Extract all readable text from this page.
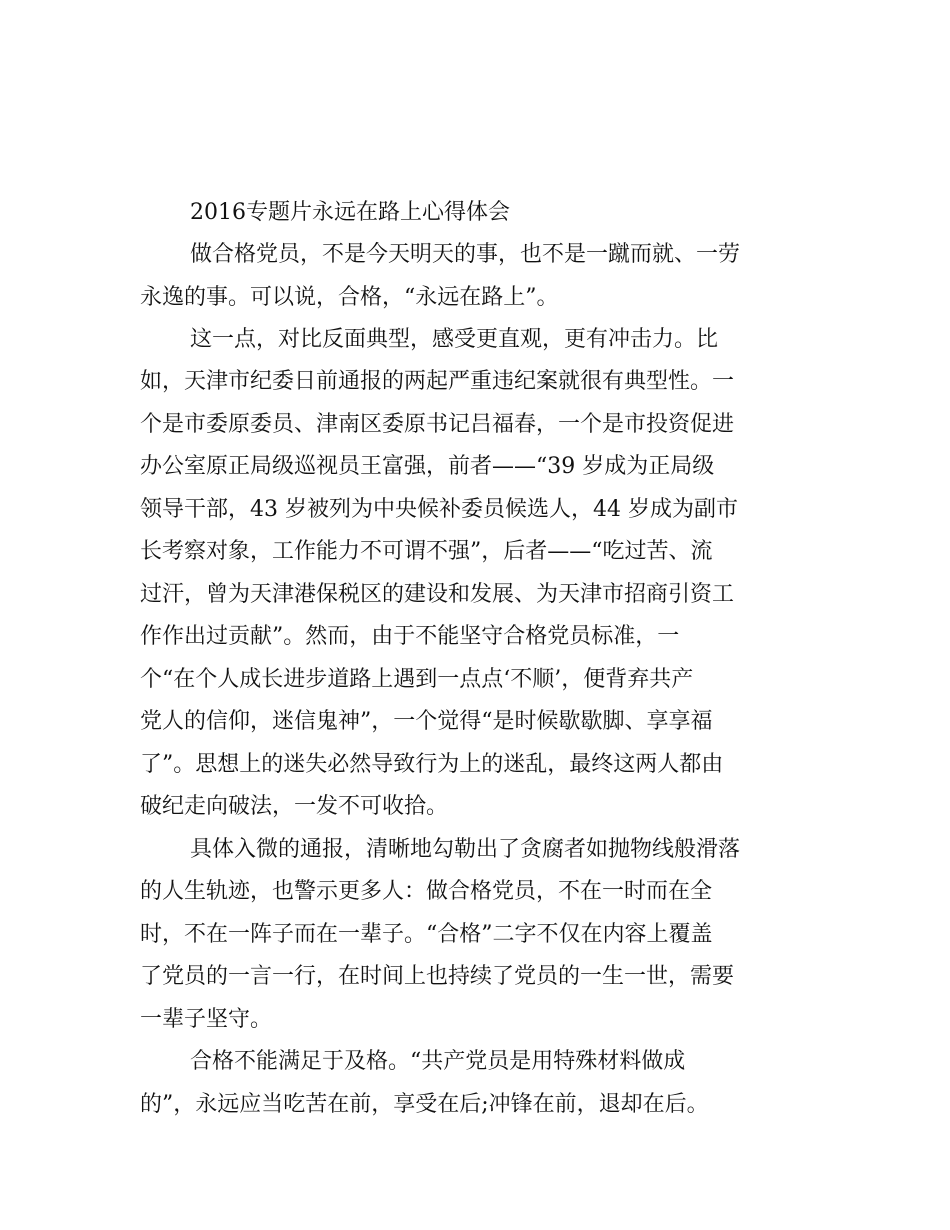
2016专题片永远在路上心得体会
做合格党员，不是今天明天的事，也不是一蹴而就、一劳
永逸的事。可以说，合格，“永远在路上”。
这一点，对比反面典型，感受更直观，更有冲击力。比
如，天津市纪委日前通报的两起严重违纪案就很有典型性。一
个是市委原委员、津南区委原书记吕福春，一个是市投资促进
办公室原正局级巡视员王富强，前者——“39 岁成为正局级
领导干部，43 岁被列为中央候补委员候选人，44 岁成为副市
长考察对象，工作能力不可谓不强”，后者——“吃过苦、流
过汗，曾为天津港保税区的建设和发展、为天津市招商引资工
作作出过贡献”。然而，由于不能坚守合格党员标准，一
个“在个人成长进步道路上遇到一点点‘不顺’，便背弃共产
党人的信仰，迷信鬼神”，一个觉得“是时候歇歇脚、享享福
了”。思想上的迷失必然导致行为上的迷乱，最终这两人都由
破纪走向破法，一发不可收拾。
具体入微的通报，清晰地勾勒出了贪腐者如抛物线般滑落
的人生轨迹，也警示更多人：做合格党员，不在一时而在全
时，不在一阵子而在一辈子。“合格”二字不仅在内容上覆盖
了党员的一言一行，在时间上也持续了党员的一生一世，需要
一辈子坚守。
合格不能满足于及格。“共产党员是用特殊材料做成
的”，永远应当吃苦在前，享受在后;冲锋在前，退却在后。
